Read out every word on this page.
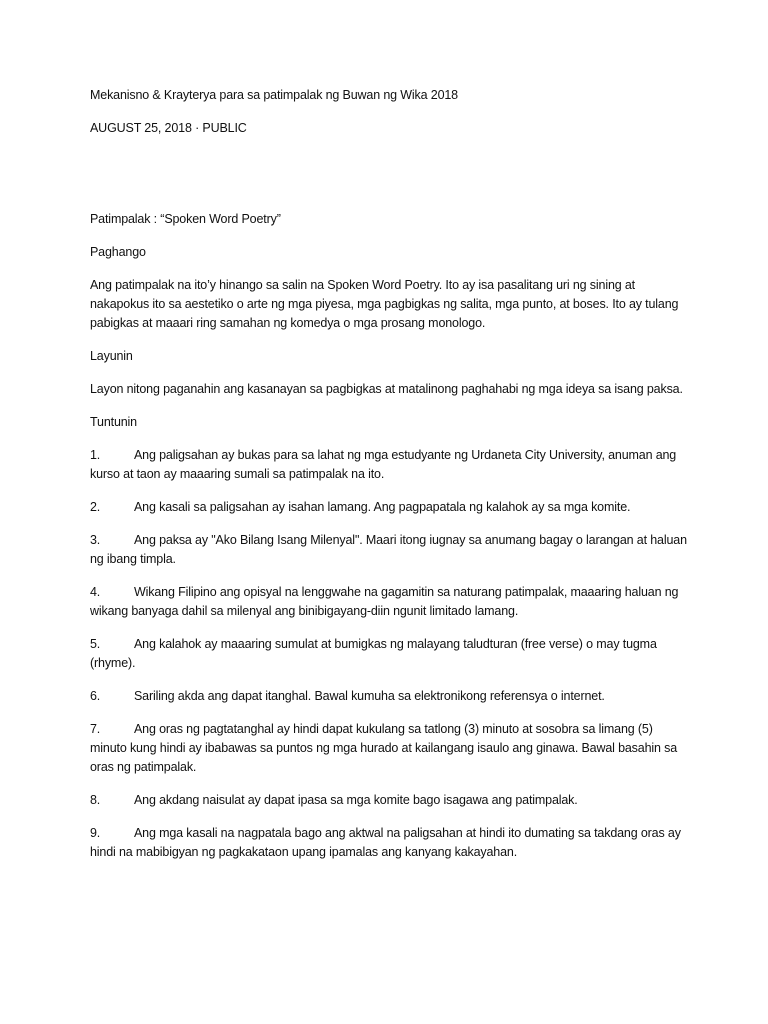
Mekanisno & Krayterya para sa patimpalak ng Buwan ng Wika 2018

AUGUST 25, 2018 · PUBLIC

Patimpalak : “Spoken Word Poetry”

Paghango

Ang patimpalak na ito’y hinango sa salin na Spoken Word Poetry. Ito ay isa pasalitang uri ng sining at nakapokus ito sa aestetiko o arte ng mga piyesa, mga pagbigkas ng salita, mga punto, at boses. Ito ay tulang pabigkas at maaari ring samahan ng komedya o mga prosang monologo.

Layunin

Layon nitong paganahin ang kasanayan sa pagbigkas at matalinong paghahabi ng mga ideya sa isang paksa.

Tuntunin

1.	Ang paligsahan ay bukas para sa lahat ng mga estudyante ng Urdaneta City University, anuman ang kurso at taon ay maaaring sumali sa patimpalak na ito.

2.	Ang kasali sa paligsahan ay isahan lamang. Ang pagpapatala ng kalahok ay sa mga komite.

3.	Ang paksa ay "Ako Bilang Isang Milenyal". Maari itong iugnay sa anumang bagay o larangan at haluan ng ibang timpla.

4.	Wikang Filipino ang opisyal na lenggwahe na gagamitin sa naturang patimpalak, maaaring haluan ng wikang banyaga dahil sa milenyal ang binibigayang-diin ngunit limitado lamang.

5.	Ang kalahok ay maaaring sumulat at bumigkas ng malayang taludturan (free verse) o may tugma (rhyme).

6.	Sariling akda ang dapat itanghal. Bawal kumuha sa elektronikong referensya o internet.

7.	Ang oras ng pagtatanghal ay hindi dapat kukulang sa tatlong (3) minuto at sosobra sa limang (5) minuto kung hindi ay ibabawas sa puntos ng mga hurado at kailangang isaulo ang ginawa. Bawal basahin sa oras ng patimpalak.

8.	Ang akdang naisulat ay dapat ipasa sa mga komite bago isagawa ang patimpalak.

9.	Ang mga kasali na nagpatala bago ang aktwal na paligsahan at hindi ito dumating sa takdang oras ay hindi na mabibigyan ng pagkakataon upang ipamalas ang kanyang kakayahan.
